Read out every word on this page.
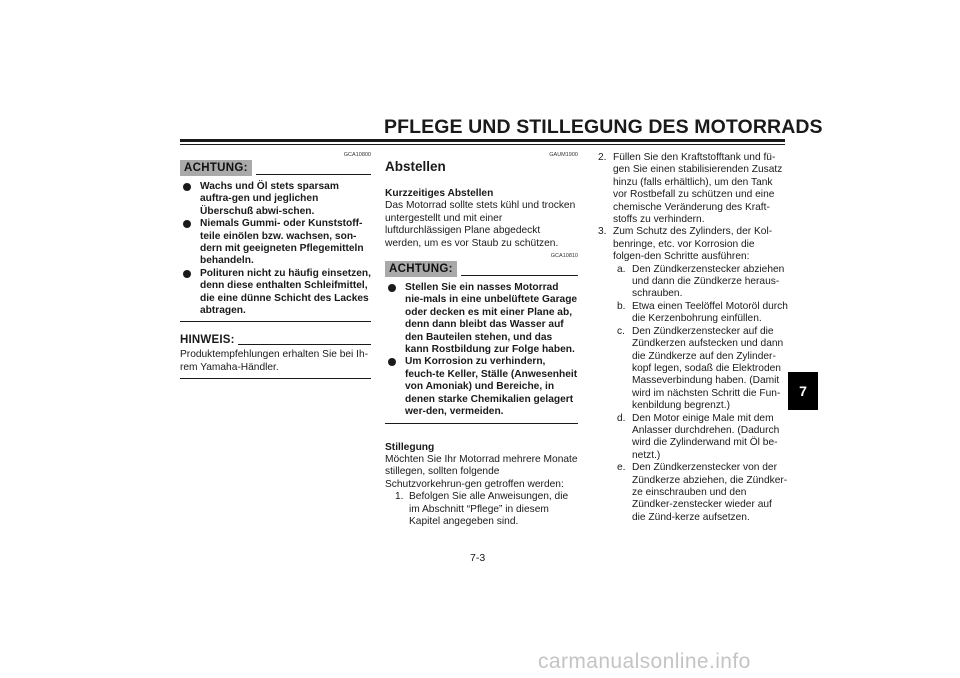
PFLEGE UND STILLEGUNG DES MOTORRADS
GCA10800
ACHTUNG:
Wachs und Öl stets sparsam auftra-gen und jeglichen Überschuß abwi-schen.
Niemals Gummi- oder Kunststoff-teile einölen bzw. wachsen, son-dern mit geeigneten Pflegemitteln behandeln.
Polituren nicht zu häufig einsetzen, denn diese enthalten Schleifmittel, die eine dünne Schicht des Lackes abtragen.
HINWEIS:
Produktempfehlungen erhalten Sie bei Ih-rem Yamaha-Händler.
GAUM1900
Abstellen
Kurzzeitiges Abstellen
Das Motorrad sollte stets kühl und trocken untergestellt und mit einer luftdurchlässigen Plane abgedeckt werden, um es vor Staub zu schützen.
GCA10810
ACHTUNG:
Stellen Sie ein nasses Motorrad nie-mals in eine unbelüftete Garage oder decken es mit einer Plane ab, denn dann bleibt das Wasser auf den Bauteilen stehen, und das kann Rostbildung zur Folge haben.
Um Korrosion zu verhindern, feuch-te Keller, Ställe (Anwesenheit von Amoniak) und Bereiche, in denen starke Chemikalien gelagert wer-den, vermeiden.
Stillegung
Möchten Sie Ihr Motorrad mehrere Monate stillegen, sollten folgende Schutzvorkehrun-gen getroffen werden:
1. Befolgen Sie alle Anweisungen, die im Abschnitt “Pflege” in diesem Kapitel angegeben sind.
2. Füllen Sie den Kraftstofftank und fü-gen Sie einen stabilisierenden Zusatz hinzu (falls erhältlich), um den Tank vor Rostbefall zu schützen und eine chemische Veränderung des Kraft-stoffs zu verhindern.
3. Zum Schutz des Zylinders, der Kol-benringe, etc. vor Korrosion die folgen-den Schritte ausführen:
a. Den Zündkerzenstecker abziehen und dann die Zündkerze heraus-schrauben.
b. Etwa einen Teelöffel Motoröl durch die Kerzenbohrung einfüllen.
c. Den Zündkerzenstecker auf die Zündkerzen aufstecken und dann die Zündkerze auf den Zylinder-kopf legen, sodaß die Elektroden Masseverbindung haben. (Damit wird im nächsten Schritt die Fun-kenbildung begrenzt.)
d. Den Motor einige Male mit dem Anlasser durchdrehen. (Dadurch wird die Zylinderwand mit Öl be-netzt.)
e. Den Zündkerzenstecker von der Zündkerze abziehen, die Zündker-ze einschrauben und den Zündker-zenstecker wieder auf die Zünd-kerze aufsetzen.
7-3
7
carmanualsonline.info
